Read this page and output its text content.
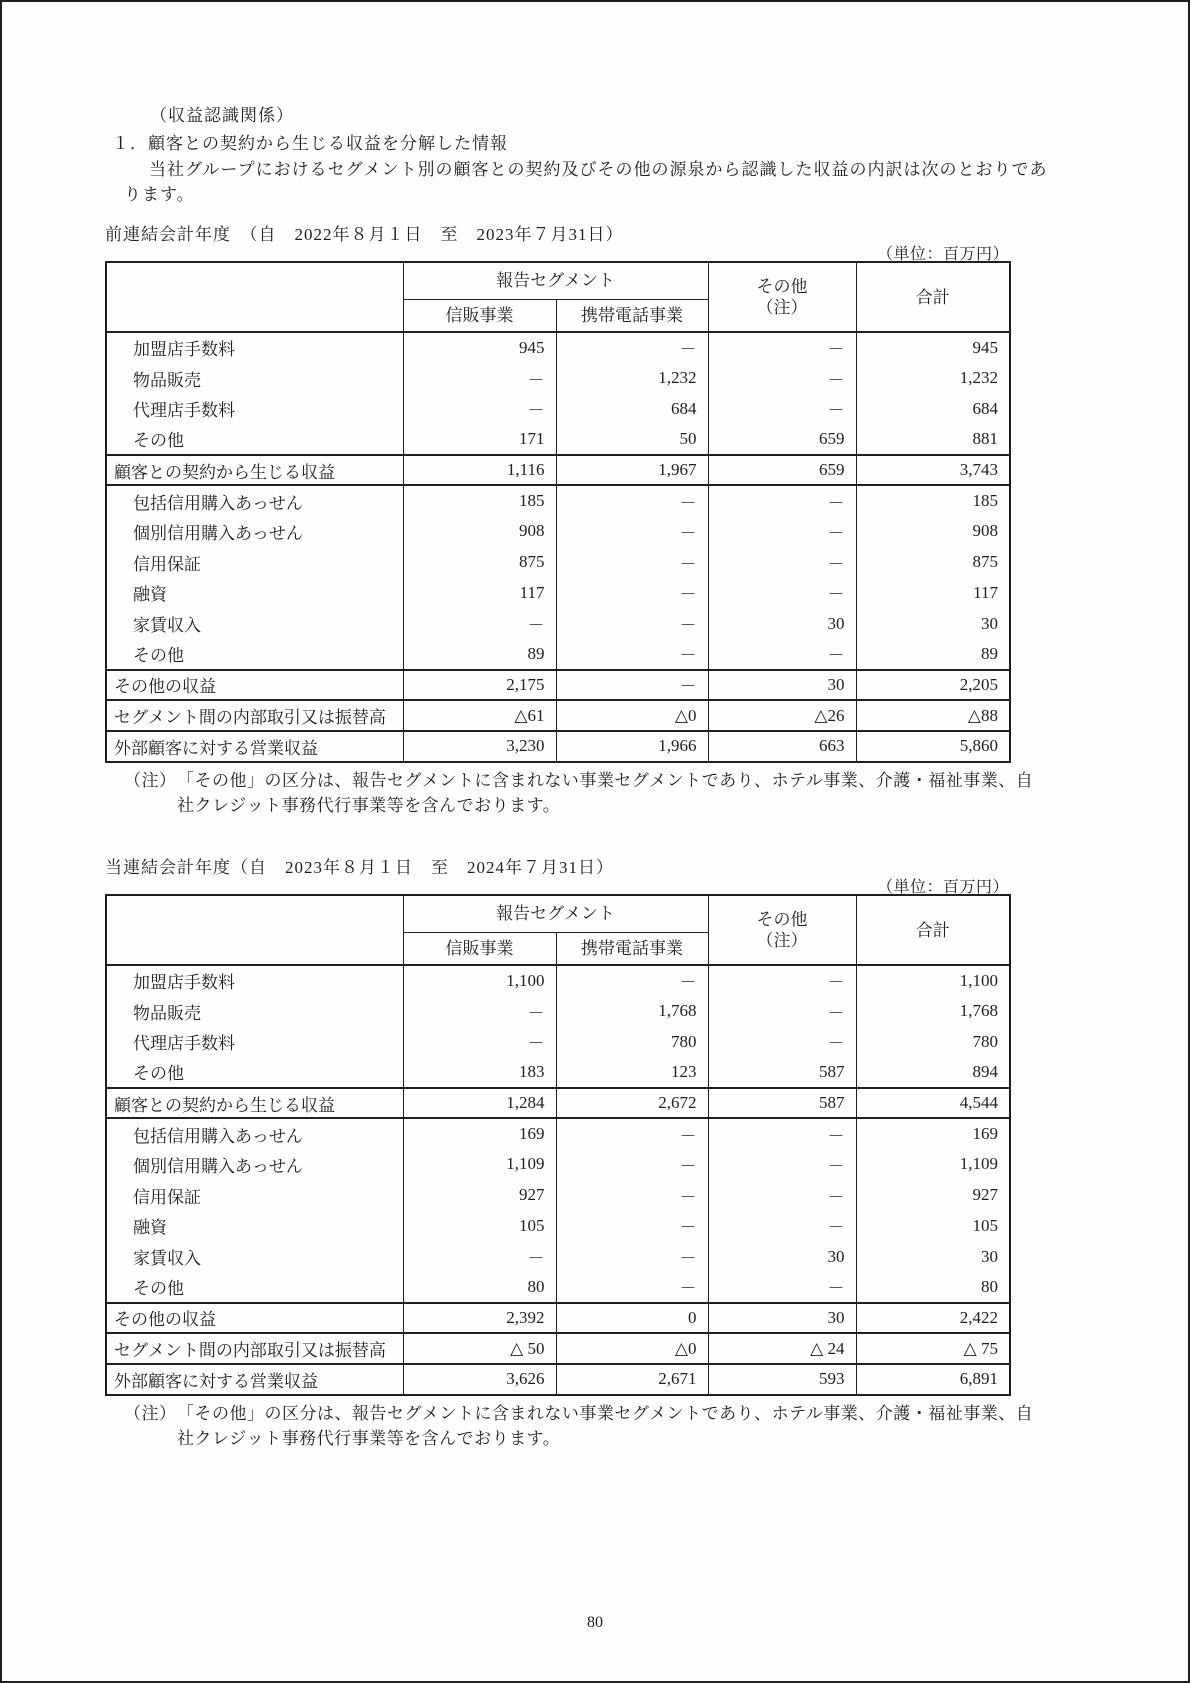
（収益認識関係）
１．顧客との契約から生じる収益を分解した情報
当社グループにおけるセグメント別の顧客との契約及びその他の源泉から認識した収益の内訳は次のとおりであ
ります。
前連結会計年度　（自　2022年８月１日　至　2023年７月31日）
（単位：百万円）
	報告セグメント		その他
（注）	合計
	信販事業	携帯電話事業		
加盟店手数料	945	－	－	945
物品販売	－	1,232	－	1,232
代理店手数料	－	684	－	684
その他	171	50	659	881
顧客との契約から生じる収益	1,116	1,967	659	3,743
包括信用購入あっせん	185	－	－	185
個別信用購入あっせん	908	－	－	908
信用保証	875	－	－	875
融資	117	－	－	117
家賃収入	－	－	30	30
その他	89	－	－	89
その他の収益	2,175	－	30	2,205
セグメント間の内部取引又は振替高	△61	△0	△26	△88
外部顧客に対する営業収益	3,230	1,966	663	5,860
（注）「その他」の区分は、報告セグメントに含まれない事業セグメントであり、ホテル事業、介護・福祉事業、自
社クレジット事務代行事業等を含んでおります。
当連結会計年度（自　2023年８月１日　至　2024年７月31日）
（単位：百万円）
	報告セグメント		その他
（注）	合計
	信販事業	携帯電話事業		
加盟店手数料	1,100	－	－	1,100
物品販売	－	1,768	－	1,768
代理店手数料	－	780	－	780
その他	183	123	587	894
顧客との契約から生じる収益	1,284	2,672	587	4,544
包括信用購入あっせん	169	－	－	169
個別信用購入あっせん	1,109	－	－	1,109
信用保証	927	－	－	927
融資	105	－	－	105
家賃収入	－	－	30	30
その他	80	－	－	80
その他の収益	2,392	0	30	2,422
セグメント間の内部取引又は振替高	△ 50	△0	△ 24	△ 75
外部顧客に対する営業収益	3,626	2,671	593	6,891
（注）「その他」の区分は、報告セグメントに含まれない事業セグメントであり、ホテル事業、介護・福祉事業、自
社クレジット事務代行事業等を含んでおります。
80
